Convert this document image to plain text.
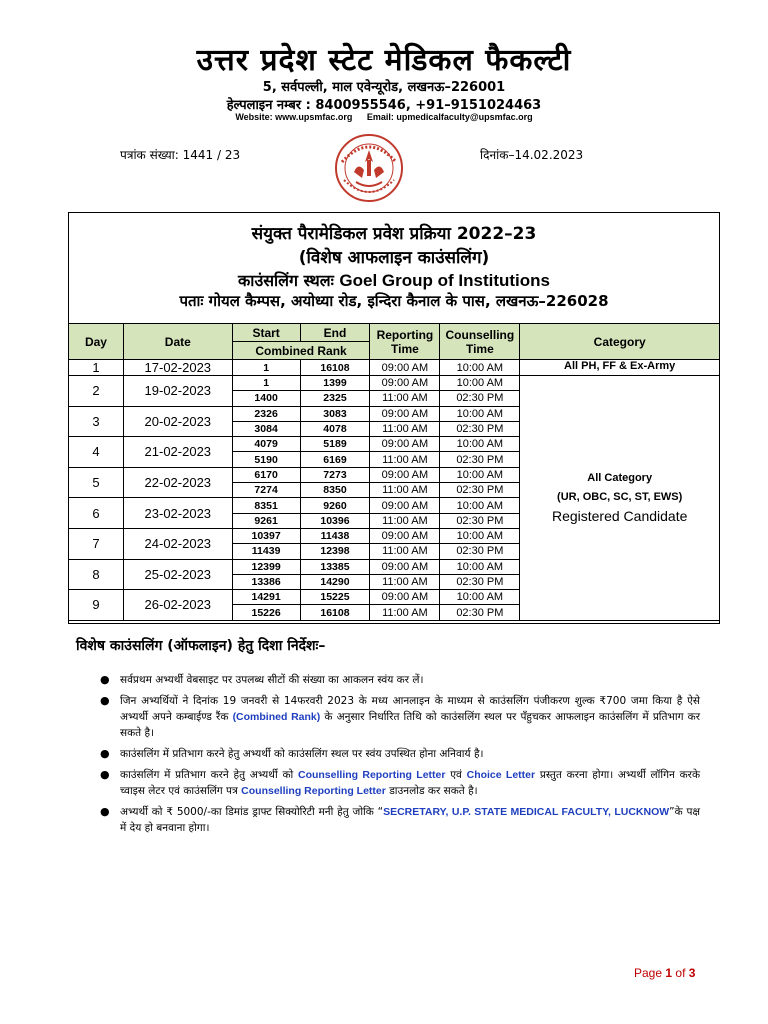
उत्तर प्रदेश स्टेट मेडिकल फैकल्टी
5, सर्वपल्ली, माल एवेन्यूरोड, लखनऊ–226001
हेल्पलाइन नम्बर : 8400955546, +91–9151024463
Website: www.upsmfac.org Email: upmedicalfaculty@upsmfac.org
पत्रांक संख्या: 1441 / 23	दिनांक–14.02.2023
संयुक्त पैरामेडिकल प्रवेश प्रक्रिया 2022–23
(विशेष आफलाइन काउंसलिंग)
काउंसलिंग स्थलः Goel Group of Institutions
पताः गोयल कैम्पस, अयोध्या रोड, इन्दिरा कैनाल के पास, लखनऊ–226028
Day	Date	Start	End	Reporting Time	Counselling Time	Category
		Combined Rank				
1	17-02-2023	1	16108	09:00 AM	10:00 AM	All PH, FF & Ex-Army
2	19-02-2023	1	1399	09:00 AM	10:00 AM	All Category
(UR, OBC, SC, ST, EWS)
Registered Candidate

		1400	2325	11:00 AM	02:30 PM	
3	20-02-2023	2326	3083	09:00 AM	10:00 AM	
		3084	4078	11:00 AM	02:30 PM	
4	21-02-2023	4079	5189	09:00 AM	10:00 AM	
		5190	6169	11:00 AM	02:30 PM	
5	22-02-2023	6170	7273	09:00 AM	10:00 AM	
		7274	8350	11:00 AM	02:30 PM	
6	23-02-2023	8351	9260	09:00 AM	10:00 AM	
		9261	10396	11:00 AM	02:30 PM	
7	24-02-2023	10397	11438	09:00 AM	10:00 AM	
		11439	12398	11:00 AM	02:30 PM	
8	25-02-2023	12399	13385	09:00 AM	10:00 AM	
		13386	14290	11:00 AM	02:30 PM	
9	26-02-2023	14291	15225	09:00 AM	10:00 AM	
		15226	16108	11:00 AM	02:30 PM	
विशेष काउंसलिंग (ऑफलाइन) हेतु दिशा निर्देशः–
● सर्वप्रथम अभ्यर्थी वेबसाइट पर उपलब्ध सीटों की संख्या का आकलन स्वंय कर लें।
● जिन अभ्यर्थियों ने दिनांक 19 जनवरी से 14फरवरी 2023 के मध्य आनलाइन के माध्यम से काउंसलिंग पंजीकरण शुल्क ₹700 जमा किया है ऐसे अभ्यर्थी अपने कम्बाईण्ड रैंक (Combined Rank) के अनुसार निर्धारित तिथि को काउंसलिंग स्थल पर पँहुचकर आफलाइन काउंसलिंग में प्रतिभाग कर सकते है।
● काउंसलिंग में प्रतिभाग करने हेतु अभ्यर्थी को काउंसलिंग स्थल पर स्वंय उपस्थित होना अनिवार्य है।
● काउंसलिंग में प्रतिभाग करने हेतु अभ्यर्थी को Counselling Reporting Letter एवं Choice Letter प्रस्तुत करना होगा। अभ्यर्थी लॉगिन करके च्वाइस लेटर एवं काउंसलिंग पत्र Counselling Reporting Letter डाउनलोड कर सकते है।
● अभ्यर्थी को ₹ 5000/-का डिमांड ड्राफ्ट सिक्योरिटी मनी हेतु जोकि “SECRETARY, U.P. STATE MEDICAL FACULTY, LUCKNOW”के पक्ष में देय हो बनवाना होगा।
Page 1 of 3
